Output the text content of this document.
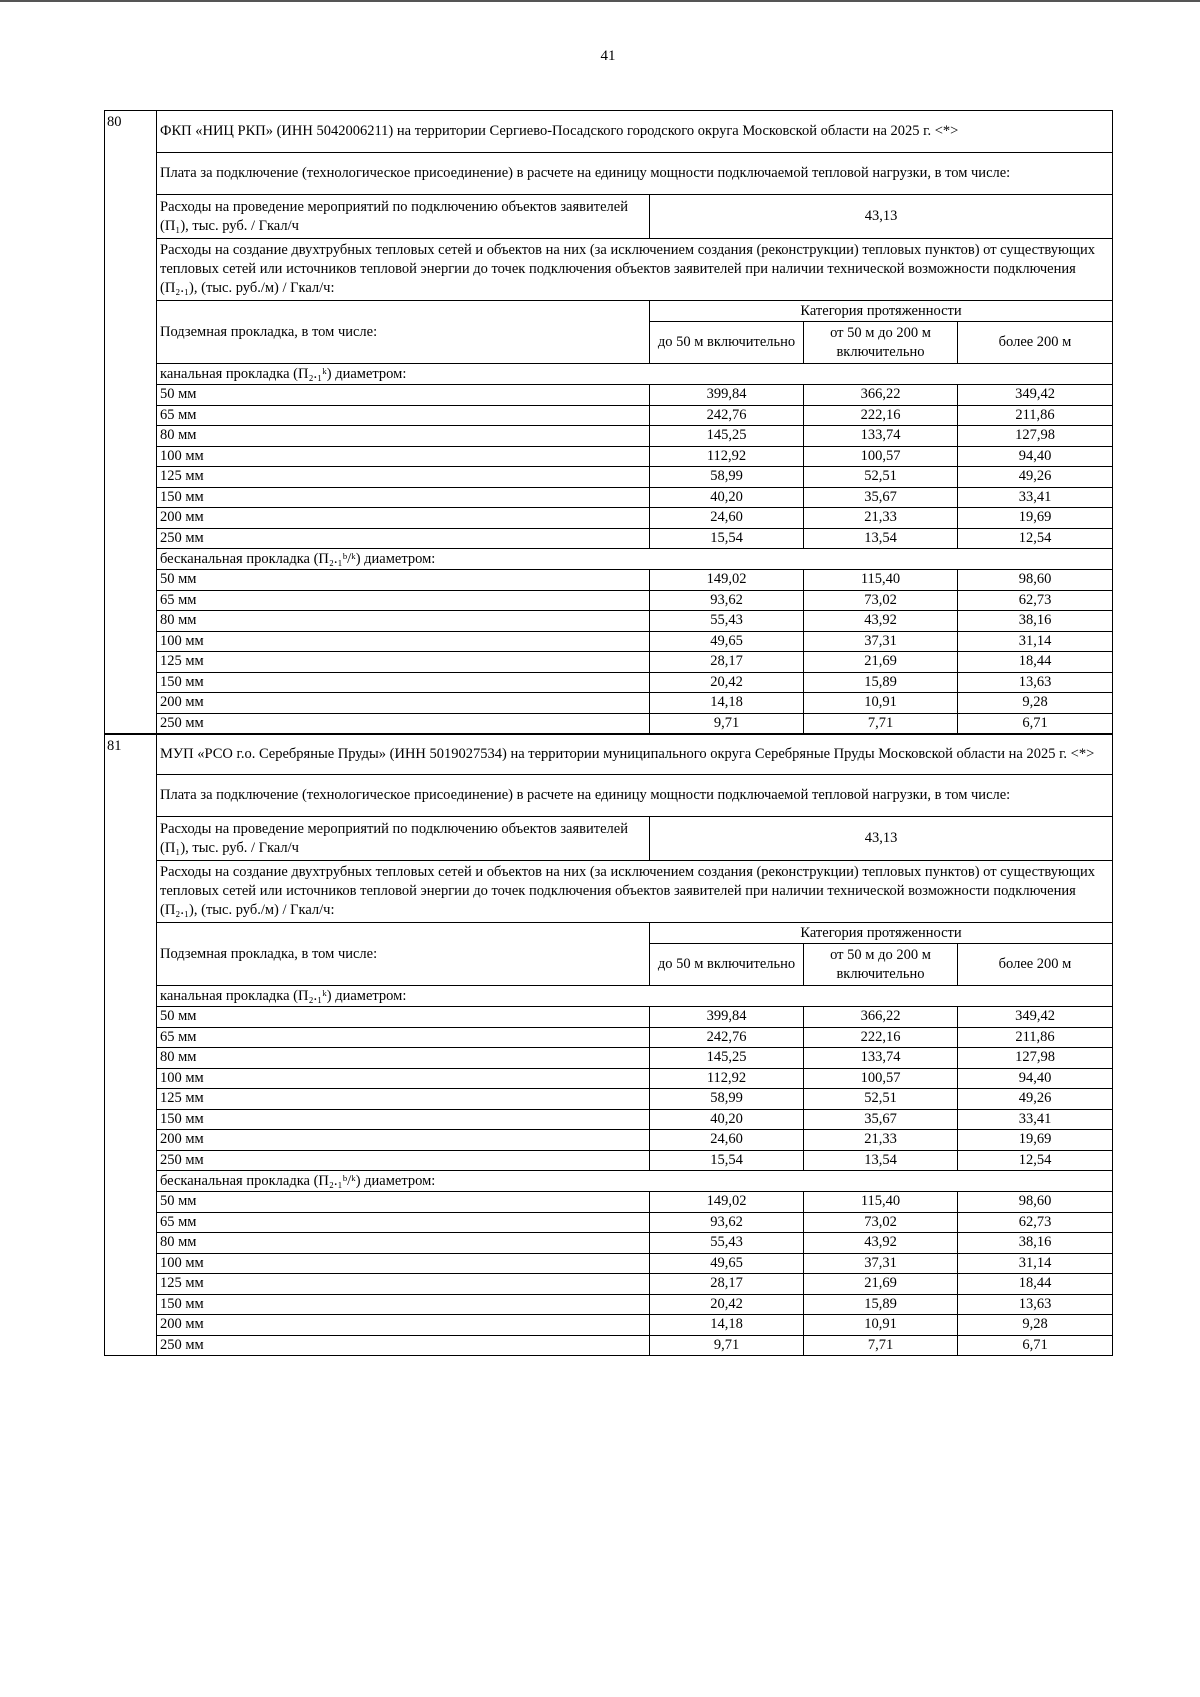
41
80	ФКП «НИЦ РКП» (ИНН 5042006211) на территории Сергиево-Посадского городского округа Московской области на 2025 г. <*>			
	Плата за подключение (технологическое присоединение) в расчете на единицу мощности подключаемой тепловой нагрузки, в том числе:			
	Расходы на проведение мероприятий по подключению объектов заявителей (П₁), тыс. руб. / Гкал/ч	43,13		
	Расходы на создание двухтрубных тепловых сетей и объектов на них (за исключением создания (реконструкции) тепловых пунктов) от существующих тепловых сетей или источников тепловой энергии до точек подключения объектов заявителей при наличии технической возможности подключения (П₂.₁), (тыс. руб./м) / Гкал/ч:			
	Подземная прокладка, в том числе:	Категория протяженности		
		до 50 м включительно	от 50 м до 200 м включительно	более 200 м
	канальная прокладка (П₂.₁ᵏ) диаметром:			
	50 мм	399,84	366,22	349,42
	65 мм	242,76	222,16	211,86
	80 мм	145,25	133,74	127,98
	100 мм	112,92	100,57	94,40
	125 мм	58,99	52,51	49,26
	150 мм	40,20	35,67	33,41
	200 мм	24,60	21,33	19,69
	250 мм	15,54	13,54	12,54
	бесканальная прокладка (П₂.₁ᵇ/ᵏ) диаметром:			
	50 мм	149,02	115,40	98,60
	65 мм	93,62	73,02	62,73
	80 мм	55,43	43,92	38,16
	100 мм	49,65	37,31	31,14
	125 мм	28,17	21,69	18,44
	150 мм	20,42	15,89	13,63
	200 мм	14,18	10,91	9,28
	250 мм	9,71	7,71	6,71
81	МУП «РСО г.о. Серебряные Пруды» (ИНН 5019027534) на территории муниципального округа Серебряные Пруды Московской области на 2025 г. <*>			
	Плата за подключение (технологическое присоединение) в расчете на единицу мощности подключаемой тепловой нагрузки, в том числе:			
	Расходы на проведение мероприятий по подключению объектов заявителей (П₁), тыс. руб. / Гкал/ч	43,13		
	Расходы на создание двухтрубных тепловых сетей и объектов на них (за исключением создания (реконструкции) тепловых пунктов) от существующих тепловых сетей или источников тепловой энергии до точек подключения объектов заявителей при наличии технической возможности подключения (П₂.₁), (тыс. руб./м) / Гкал/ч:			
	Подземная прокладка, в том числе:	Категория протяженности		
		до 50 м включительно	от 50 м до 200 м включительно	более 200 м
	канальная прокладка (П₂.₁ᵏ) диаметром:			
	50 мм	399,84	366,22	349,42
	65 мм	242,76	222,16	211,86
	80 мм	145,25	133,74	127,98
	100 мм	112,92	100,57	94,40
	125 мм	58,99	52,51	49,26
	150 мм	40,20	35,67	33,41
	200 мм	24,60	21,33	19,69
	250 мм	15,54	13,54	12,54
	бесканальная прокладка (П₂.₁ᵇ/ᵏ) диаметром:			
	50 мм	149,02	115,40	98,60
	65 мм	93,62	73,02	62,73
	80 мм	55,43	43,92	38,16
	100 мм	49,65	37,31	31,14
	125 мм	28,17	21,69	18,44
	150 мм	20,42	15,89	13,63
	200 мм	14,18	10,91	9,28
	250 мм	9,71	7,71	6,71
